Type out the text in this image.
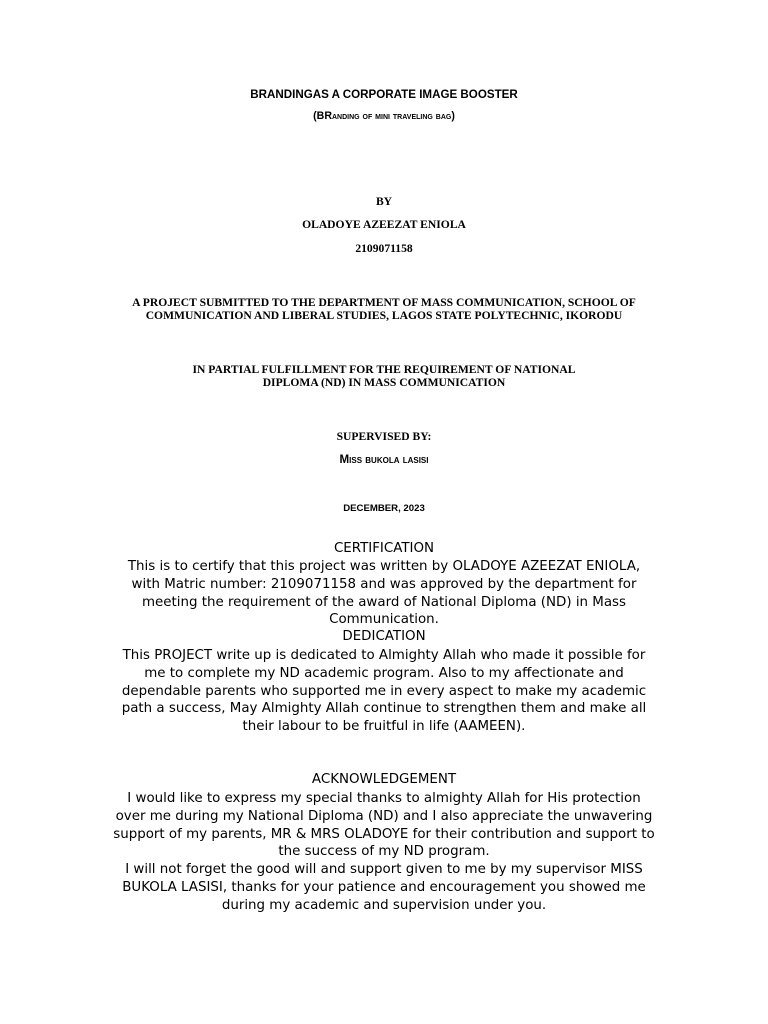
BRANDINGAS A CORPORATE IMAGE BOOSTER
(BRanding of mini traveling bag)
BY
OLADOYE AZEEZAT ENIOLA
2109071158
A PROJECT SUBMITTED TO THE DEPARTMENT OF MASS COMMUNICATION, SCHOOL OF
COMMUNICATION AND LIBERAL STUDIES, LAGOS STATE POLYTECHNIC, IKORODU
IN PARTIAL FULFILLMENT FOR THE REQUIREMENT OF NATIONAL
DIPLOMA (ND) IN MASS COMMUNICATION
SUPERVISED BY:
Miss bukola lasisi
DECEMBER, 2023
CERTIFICATION
This is to certify that this project was written by OLADOYE AZEEZAT ENIOLA, with Matric number: 2109071158 and was approved by the department for meeting the requirement of the award of National Diploma (ND) in Mass Communication.
DEDICATION
This PROJECT write up is dedicated to Almighty Allah who made it possible for me to complete my ND academic program. Also to my affectionate and dependable parents who supported me in every aspect to make my academic path a success, May Almighty Allah continue to strengthen them and make all their labour to be fruitful in life (AAMEEN).
ACKNOWLEDGEMENT
I would like to express my special thanks to almighty Allah for His protection over me during my National Diploma (ND) and I also appreciate the unwavering support of my parents, MR & MRS OLADOYE for their contribution and support to the success of my ND program.
I will not forget the good will and support given to me by my supervisor MISS BUKOLA LASISI, thanks for your patience and encouragement you showed me during my academic and supervision under you.
